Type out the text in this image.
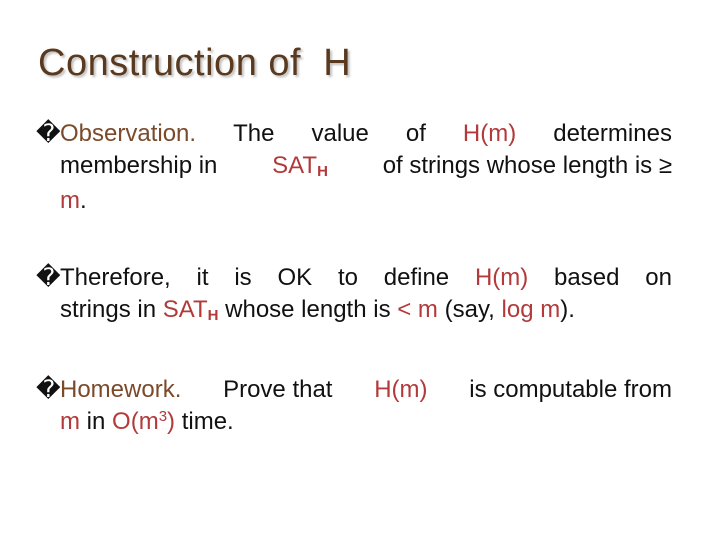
Construction of  H
�Observation. The value of H(m) determines
membership in $SAT_H$ of strings whose length is ≥
m .
�Therefore, it is OK to define H(m) based on
strings in
$SAT_H$
whose length is
< m
(say,
log m ).
�Homework. Prove that H(m) is computable from
m
in
$O(m^3)$
time.
